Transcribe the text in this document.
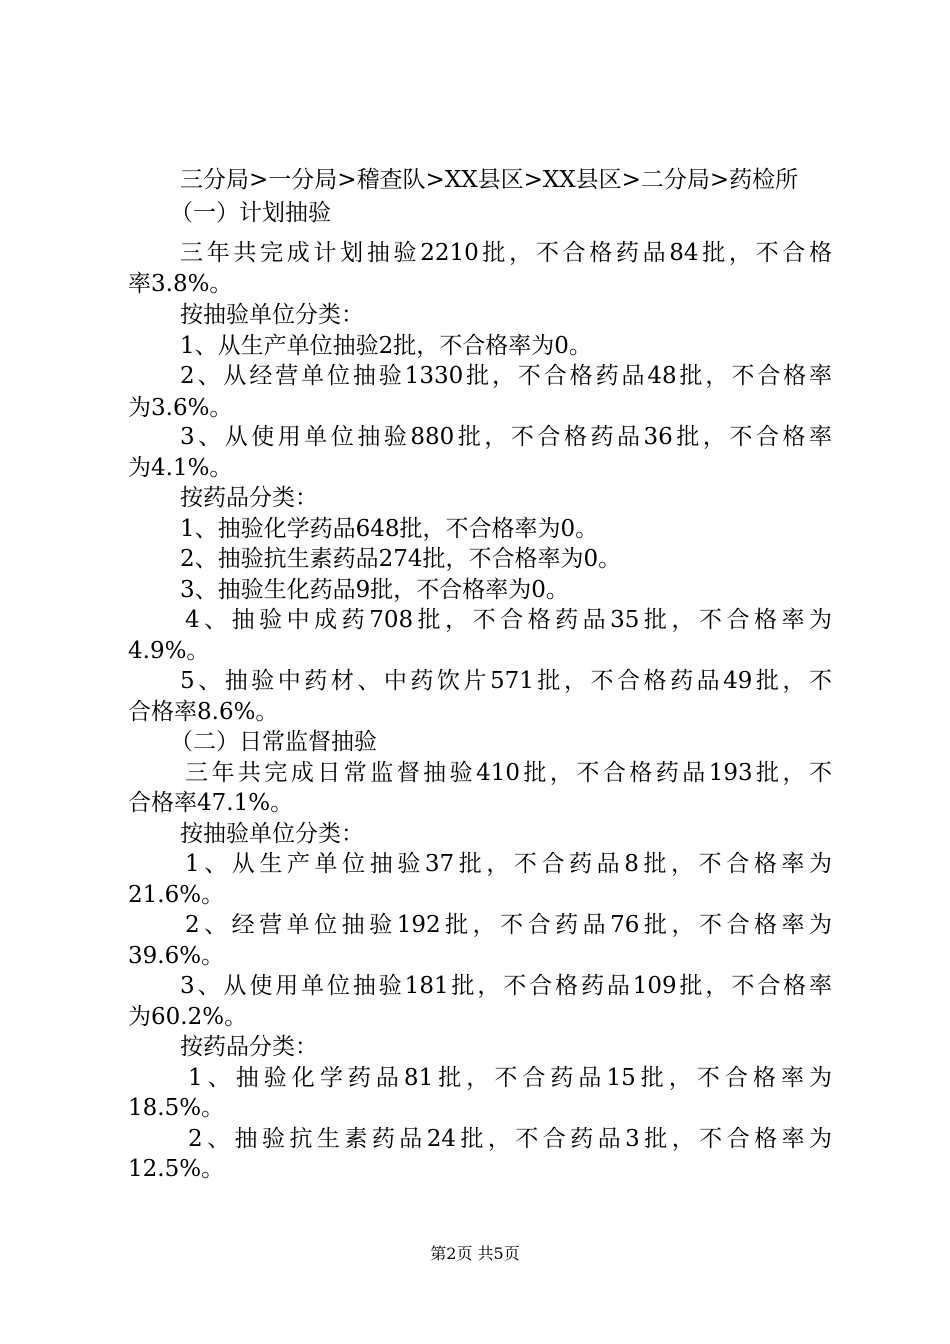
三分局>一分局>稽查队>XX县区>XX县区>二分局>药检所
（一）计划抽验
三年共完成计划抽验2210批，不合格药品84批，不合格
率3.8%。
按抽验单位分类：
1、从生产单位抽验2批，不合格率为0。
2、从经营单位抽验1330批，不合格药品48批，不合格率
为3.6%。
3、从使用单位抽验880批，不合格药品36批，不合格率
为4.1%。
按药品分类：
1、抽验化学药品648批，不合格率为0。
2、抽验抗生素药品274批，不合格率为0。
3、抽验生化药品9批，不合格率为0。
4、抽验中成药708批，不合格药品35批，不合格率为
4.9%。
5、抽验中药材、中药饮片571批，不合格药品49批，不
合格率8.6%。
（二）日常监督抽验
三年共完成日常监督抽验410批，不合格药品193批，不
合格率47.1%。
按抽验单位分类：
1、从生产单位抽验37批，不合药品8批，不合格率为
21.6%。
2、经营单位抽验192批，不合药品76批，不合格率为
39.6%。
3、从使用单位抽验181批，不合格药品109批，不合格率
为60.2%。
按药品分类：
1、抽验化学药品81批，不合药品15批，不合格率为
18.5%。
2、抽验抗生素药品24批，不合药品3批，不合格率为
12.5%。
第2页 共5页
